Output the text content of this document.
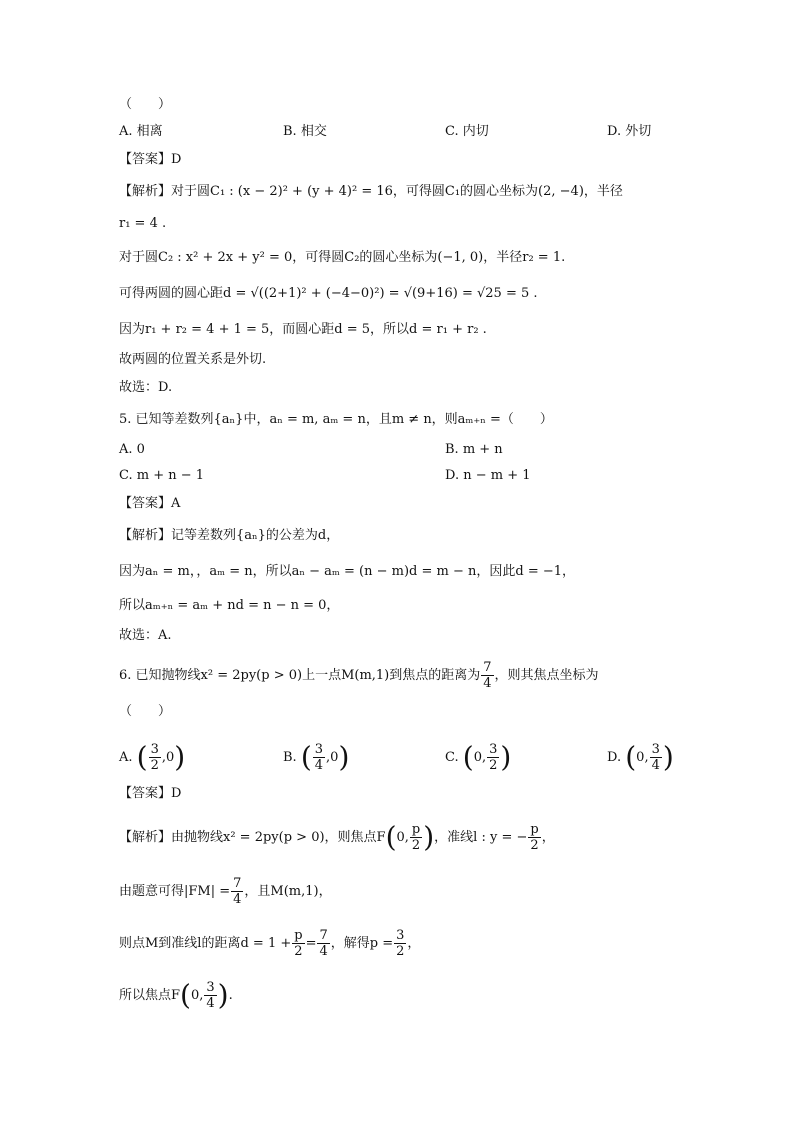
（　　）
A. 相离	B. 相交	C. 内切	D. 外切
【答案】D
【解析】对于圆C₁ : (x − 2)² + (y + 4)² = 16，可得圆C₁的圆心坐标为(2, −4)，半径
r₁ = 4 .
对于圆C₂ : x² + 2x + y² = 0，可得圆C₂的圆心坐标为(−1, 0)，半径r₂ = 1.
可得两圆的圆心距d = √((2+1)² + (−4−0)²) = √(9+16) = √25 = 5 .
因为r₁ + r₂ = 4 + 1 = 5，而圆心距d = 5，所以d = r₁ + r₂ .
故两圆的位置关系是外切.
故选：D.
5. 已知等差数列{aₙ}中，aₙ = m, aₘ = n，且m ≠ n，则aₘ₊ₙ =（　　）
A. 0	B. m + n
C. m + n − 1	D. n − m + 1
【答案】A
【解析】记等差数列{aₙ}的公差为d，
因为aₙ = m，，aₘ = n，所以aₙ − aₘ = (n − m)d = m − n，因此d = −1，
所以aₘ₊ₙ = aₘ + nd = n − n = 0，
故选：A.
6. 已知抛物线x² = 2py(p > 0)上一点M(m,1)到焦点的距离为 $\frac{7}{4}$ ，则其焦点坐标为
（　　）
A. ( $\frac{3}{2} ,0$)	B. ( $\frac{3}{4} ,0$)	C. (0, $\frac{3}{2}$ )	D. (0, $\frac{3}{4}$ )
【答案】D
【解析】由抛物线x² = 2py(p > 0)，则焦点F(0, $\frac{p}{2}$ )，准线l : y = − $\frac{p}{2}$ ，
由题意可得$|FM| = \frac{7}{4}$ ，且M(m,1)，
则点M到准线l的距离$d = 1 + \frac{p}{2} = \frac{7}{4}$ ，解得$p = \frac{3}{2}$ ，
所以焦点F(0, $\frac{3}{4}$ ).
